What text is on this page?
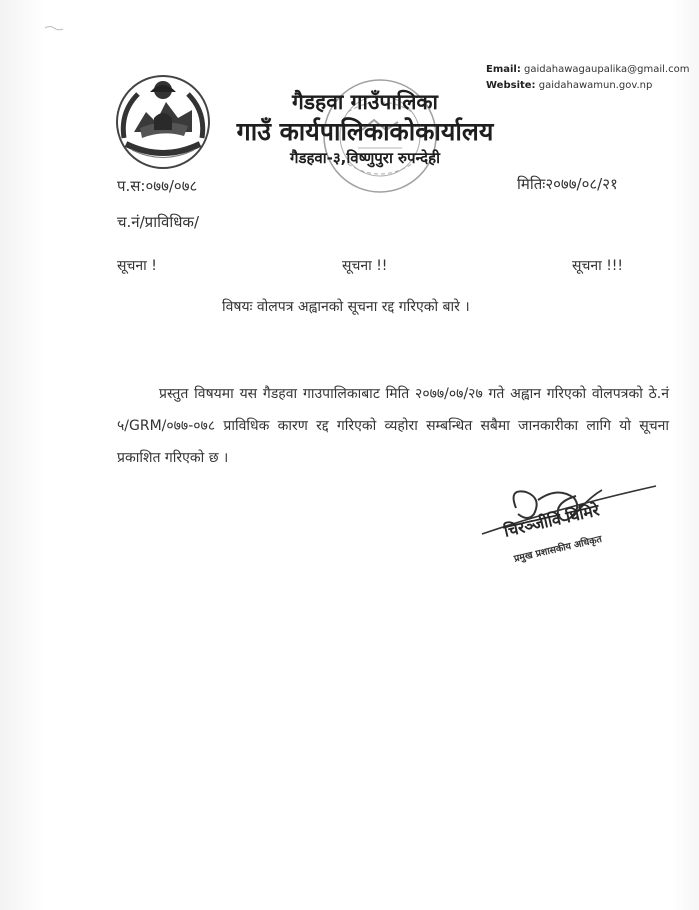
Email: gaidahawagaupalika@gmail.com
Website: gaidahawamun.gov.np
गैडहवा गाउँपालिका
गाउँ कार्यपालिकाकोकार्यालय
गैडहवा-३,विष्णुपुरा रुपन्देही
प.स:०७७/०७८
च.नं/प्राविधिक/
मितिः२०७७/०८/२१
सूचना !	सूचना !!	सूचना !!!
विषयः वोलपत्र अह्वानको सूचना रद्द गरिएको बारे ।
प्रस्तुत विषयमा यस गैडहवा गाउपालिकाबाट मिति २०७७/०७/२७ गते अह्वान गरिएको वोलपत्रको ठे.नं ५/GRM/०७७-०७८ प्राविधिक कारण रद्द गरिएको व्यहोरा सम्बन्धित सबैमा जानकारीका लागि यो सूचना प्रकाशित गरिएको छ ।
चिरञ्जीवि घिमिरे
प्रमुख प्रशासकीय अधिकृत
